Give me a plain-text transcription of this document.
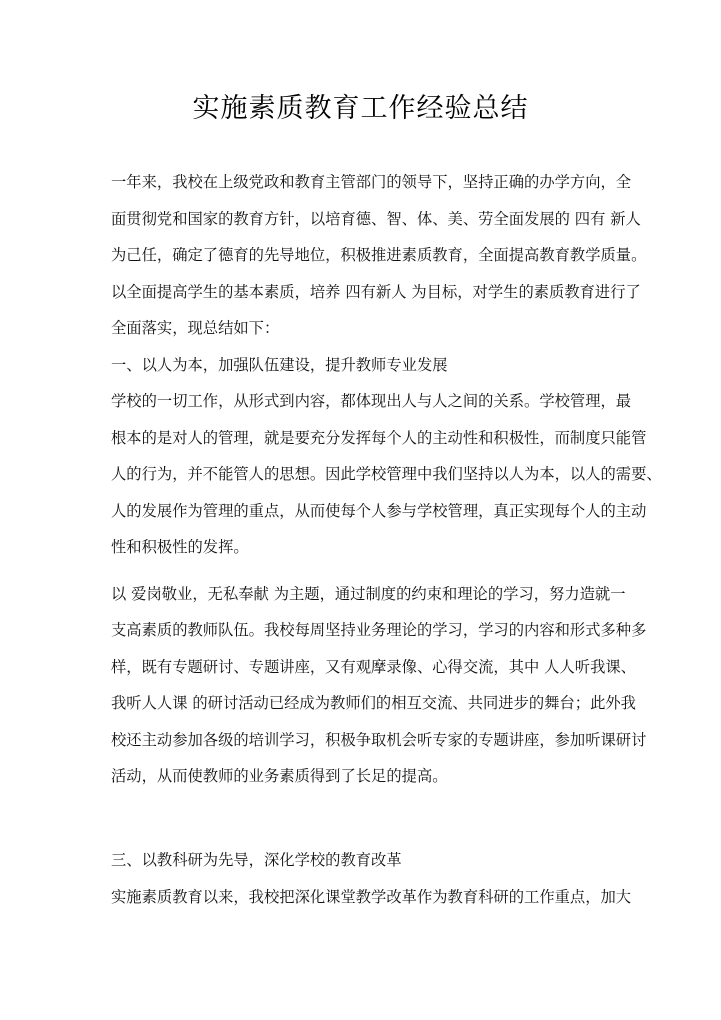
实施素质教育工作经验总结
一年来，我校在上级党政和教育主管部门的领导下，坚持正确的办学方向，全
面贯彻党和国家的教育方针，以培育德、智、体、美、劳全面发展的 四有 新人
为己任，确定了德育的先导地位，积极推进素质教育，全面提高教育教学质量。
以全面提高学生的基本素质，培养 四有新人 为目标，对学生的素质教育进行了
全面落实，现总结如下：
一、以人为本，加强队伍建设，提升教师专业发展
学校的一切工作，从形式到内容，都体现出人与人之间的关系。学校管理，最
根本的是对人的管理，就是要充分发挥每个人的主动性和积极性，而制度只能管
人的行为，并不能管人的思想。因此学校管理中我们坚持以人为本，以人的需要、
人的发展作为管理的重点，从而使每个人参与学校管理，真正实现每个人的主动
性和积极性的发挥。
以 爱岗敬业，无私奉献 为主题，通过制度的约束和理论的学习，努力造就一
支高素质的教师队伍。我校每周坚持业务理论的学习，学习的内容和形式多种多
样，既有专题研讨、专题讲座，又有观摩录像、心得交流，其中 人人听我课、
我听人人课 的研讨活动已经成为教师们的相互交流、共同进步的舞台；此外我
校还主动参加各级的培训学习，积极争取机会听专家的专题讲座，参加听课研讨
活动，从而使教师的业务素质得到了长足的提高。
三、以教科研为先导，深化学校的教育改革
实施素质教育以来，我校把深化课堂教学改革作为教育科研的工作重点，加大
